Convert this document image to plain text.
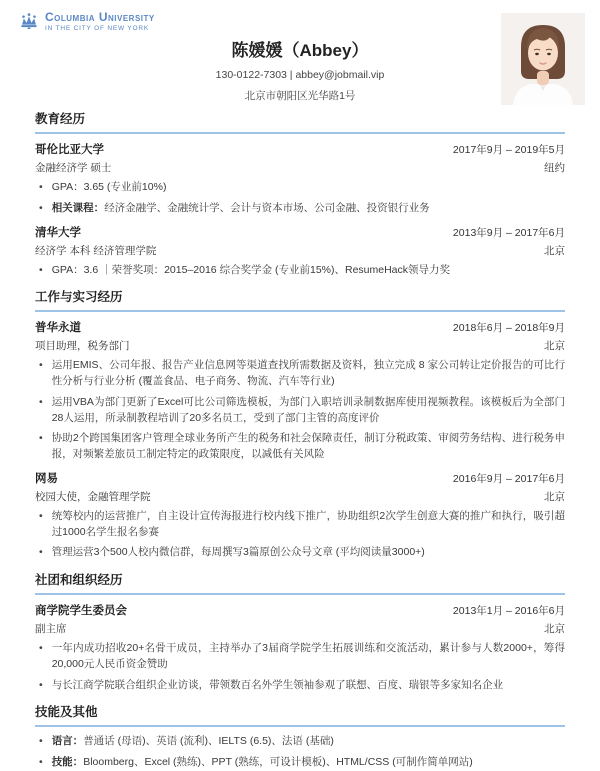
Columbia University
IN THE CITY OF NEW YORK
陈媛媛（Abbey）
130-0122-7303 | abbey@jobmail.vip
北京市朝阳区光华路1号
教育经历
哥伦比亚大学	2017年9月 – 2019年5月
金融经济学 硕士	纽约
• GPA：3.65 (专业前10%)
• 相关课程：经济金融学、金融统计学、会计与资本市场、公司金融、投资银行业务
清华大学	2013年9月 – 2017年6月
经济学 本科 经济管理学院	北京
• GPA：3.6 ｜荣誉奖项：2015–2016 综合奖学金 (专业前15%)、ResumeHack领导力奖
工作与实习经历
普华永道	2018年6月 – 2018年9月
项目助理，税务部门	北京
• 运用EMIS、公司年报、报告产业信息网等渠道查找所需数据及资料，独立完成 8 家公司转让定价报告的可比行性分析与行业分析 (覆盖食品、电子商务、物流、汽车等行业)
• 运用VBA为部门更新了Excel可比公司筛选模板，为部门入职培训录制数据库使用视频教程。该模板后为全部门28人运用，所录制教程培训了20多名员工，受到了部门主管的高度评价
• 协助2个跨国集团客户管理全球业务所产生的税务和社会保障责任，制订分税政策、审阅劳务结构、进行税务申报，对频繁差旅员工制定特定的政策限度，以减低有关风险
网易	2016年9月 – 2017年6月
校园大使，金融管理学院	北京
• 统筹校内的运营推广，自主设计宣传海报进行校内线下推广，协助组织2次学生创意大赛的推广和执行，吸引超过1000名学生报名参赛
• 管理运营3个500人校内微信群，每周撰写3篇原创公众号文章 (平均阅读量3000+)
社团和组织经历
商学院学生委员会	2013年1月 – 2016年6月
副主席	北京
• 一年内成功招收20+名骨干成员，主持举办了3届商学院学生拓展训练和交流活动，累计参与人数2000+，筹得20,000元人民币资金赞助
• 与长江商学院联合组织企业访谈，带领数百名外学生领袖参观了联想、百度、瑞银等多家知名企业
技能及其他
• 语言：普通话 (母语)、英语 (流利)、IELTS (6.5)、法语 (基础)
• 技能：Bloomberg、Excel (熟练)、PPT (熟练，可设计模板)、HTML/CSS (可制作简单网站)
